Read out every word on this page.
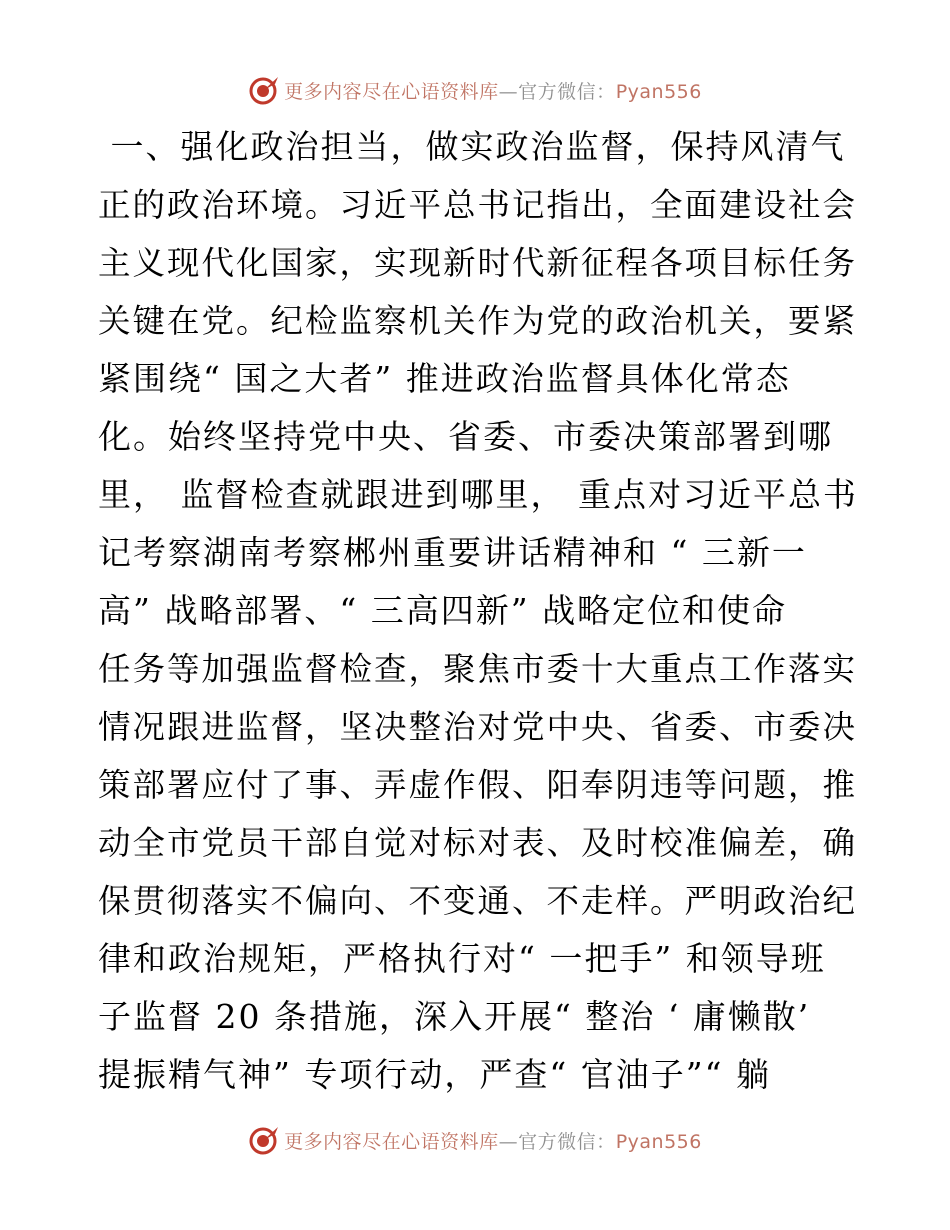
更多内容尽在心语资料库—官方微信：Pyan556
一、强化政治担当，做实政治监督，保持风清气
正的政治环境。习近平总书记指出，全面建设社会
主义现代化国家，实现新时代新征程各项目标任务
关键在党。纪检监察机关作为党的政治机关，要紧
紧围绕“ 国之大者” 推进政治监督具体化常态
化。始终坚持党中央、省委、市委决策部署到哪
里， 监督检查就跟进到哪里， 重点对习近平总书
记考察湖南考察郴州重要讲话精神和 “ 三新一
高” 战略部署、“ 三高四新” 战略定位和使命
任务等加强监督检查，聚焦市委十大重点工作落实
情况跟进监督，坚决整治对党中央、省委、市委决
策部署应付了事、弄虚作假、阳奉阴违等问题，推
动全市党员干部自觉对标对表、及时校准偏差，确
保贯彻落实不偏向、不变通、不走样。严明政治纪
律和政治规矩，严格执行对“ 一把手” 和领导班
子监督 20 条措施，深入开展“ 整治 ‘ 庸懒散’
提振精气神” 专项行动，严查“ 官油子”“ 躺
更多内容尽在心语资料库—官方微信：Pyan556
